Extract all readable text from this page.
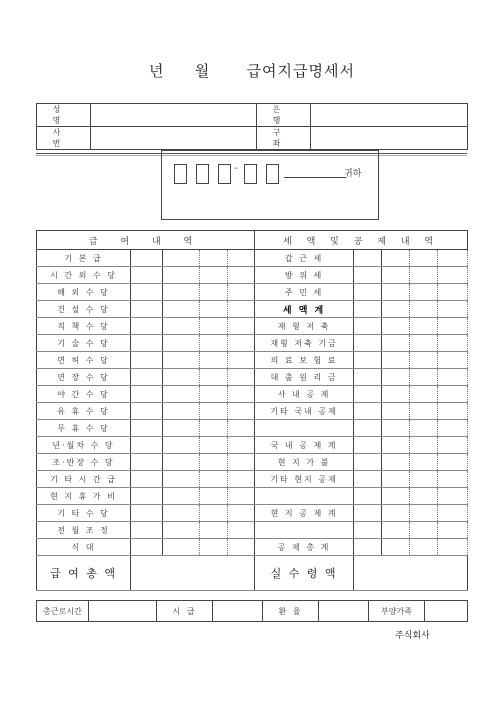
년 월 급여지급명세서
성 명		은 행	
사 번		구 좌	
-	귀하
급 여 내 역					세 액 및 공 제 내 역				
기 본 급					갑 근 세				
시 간 외 수 당					방 위 세				
해 외 수 당					주 민 세				
건 설 수 당					세 액 계				
직 책 수 당					재 형 저 축				
기 술 수 당					재형 저축 기금				
면 허 수 당					의 료 보 험 료				
연 장 수 당					대 출 원 리 금				
야 간 수 당					사 내 공 제				
유 휴 수 당					기타 국내 공제				
무 휴 수 당									
년·월차 수 당					국 내 공 제 계				
조·반장 수 당					현 지 가 불				
기 타 시 간 급					기타 현지 공제				
현 지 휴 가 비									
기 타 수 당					현 지 공 제 계				
전 월 조 정									
식 대					공 제 총 계				
급 여 총 액					실 수 령 액				
총근로시간		시 급		환 율		부양가족	
주식회사
